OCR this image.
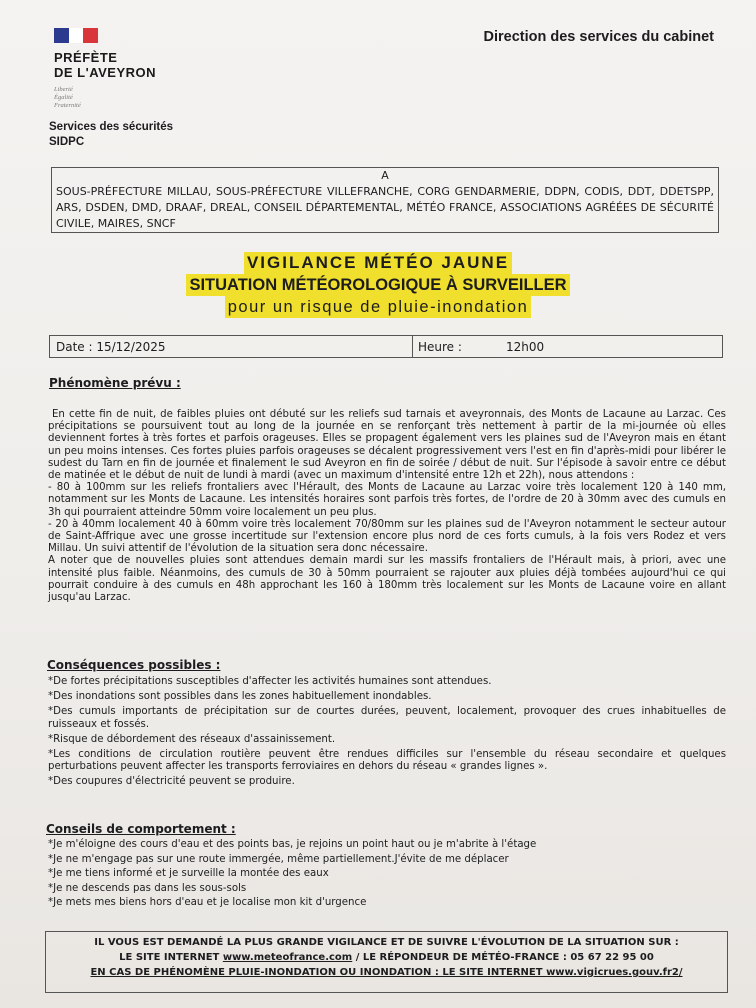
PRÉFÈTE
DE L'AVEYRON
Liberté
Égalité
Fraternité
Services des sécurités
SIDPC
Direction des services du cabinet
A
SOUS-PRÉFECTURE MILLAU, SOUS-PRÉFECTURE VILLEFRANCHE, CORG GENDARMERIE, DDPN, CODIS, DDT, DDETSPP, ARS, DSDEN, DMD, DRAAF, DREAL, CONSEIL DÉPARTEMENTAL, MÉTÉO FRANCE, ASSOCIATIONS AGRÉÉES DE SÉCURITÉ CIVILE, MAIRES, SNCF
VIGILANCE MÉTÉO JAUNE
SITUATION MÉTÉOROLOGIQUE À SURVEILLER
pour un risque de pluie-inondation
Date : 15/12/2025	Heure :	12h00
Phénomène prévu :

En cette fin de nuit, de faibles pluies ont débuté sur les reliefs sud tarnais et aveyronnais, des Monts de Lacaune au Larzac. Ces précipitations se poursuivent tout au long de la journée en se renforçant très nettement à partir de la mi-journée où elles deviennent fortes à très fortes et parfois orageuses. Elles se propagent également vers les plaines sud de l'Aveyron mais en étant un peu moins intenses. Ces fortes pluies parfois orageuses se décalent progressivement vers l'est en fin d'après-midi pour libérer le sudest du Tarn en fin de journée et finalement le sud Aveyron en fin de soirée / début de nuit. Sur l'épisode à savoir entre ce début de matinée et le début de nuit de lundi à mardi (avec un maximum d'intensité entre 12h et 22h), nous attendons :

- 80 à 100mm sur les reliefs frontaliers avec l'Hérault, des Monts de Lacaune au Larzac voire très localement 120 à 140 mm, notamment sur les Monts de Lacaune. Les intensités horaires sont parfois très fortes, de l'ordre de 20 à 30mm avec des cumuls en 3h qui pourraient atteindre 50mm voire localement un peu plus.

- 20 à 40mm localement 40 à 60mm voire très localement 70/80mm sur les plaines sud de l'Aveyron notamment le secteur autour de Saint-Affrique avec une grosse incertitude sur l'extension encore plus nord de ces forts cumuls, à la fois vers Rodez et vers Millau. Un suivi attentif de l'évolution de la situation sera donc nécessaire.

A noter que de nouvelles pluies sont attendues demain mardi sur les massifs frontaliers de l'Hérault mais, à priori, avec une intensité plus faible. Néanmoins, des cumuls de 30 à 50mm pourraient se rajouter aux pluies déjà tombées aujourd'hui ce qui pourrait conduire à des cumuls en 48h approchant les 160 à 180mm très localement sur les Monts de Lacaune voire en allant jusqu'au Larzac.

Conséquences possibles :

*De fortes précipitations susceptibles d'affecter les activités humaines sont attendues.

*Des inondations sont possibles dans les zones habituellement inondables.

*Des cumuls importants de précipitation sur de courtes durées, peuvent, localement, provoquer des crues inhabituelles de ruisseaux et fossés.

*Risque de débordement des réseaux d'assainissement.

*Les conditions de circulation routière peuvent être rendues difficiles sur l'ensemble du réseau secondaire et quelques perturbations peuvent affecter les transports ferroviaires en dehors du réseau « grandes lignes ».

*Des coupures d'électricité peuvent se produire.

Conseils de comportement :

*Je m'éloigne des cours d'eau et des points bas, je rejoins un point haut ou je m'abrite à l'étage

*Je ne m'engage pas sur une route immergée, même partiellement.J'évite de me déplacer

*Je me tiens informé et je surveille la montée des eaux

*Je ne descends pas dans les sous-sols

*Je mets mes biens hors d'eau et je localise mon kit d'urgence

IL VOUS EST DEMANDÉ LA PLUS GRANDE VIGILANCE ET DE SUIVRE L'ÉVOLUTION DE LA SITUATION SUR :
LE SITE INTERNET www.meteofrance.com / LE RÉPONDEUR DE MÉTÉO-FRANCE : 05 67 22 95 00
EN CAS DE PHÉNOMÈNE PLUIE-INONDATION OU INONDATION : LE SITE INTERNET www.vigicrues.gouv.fr2/
